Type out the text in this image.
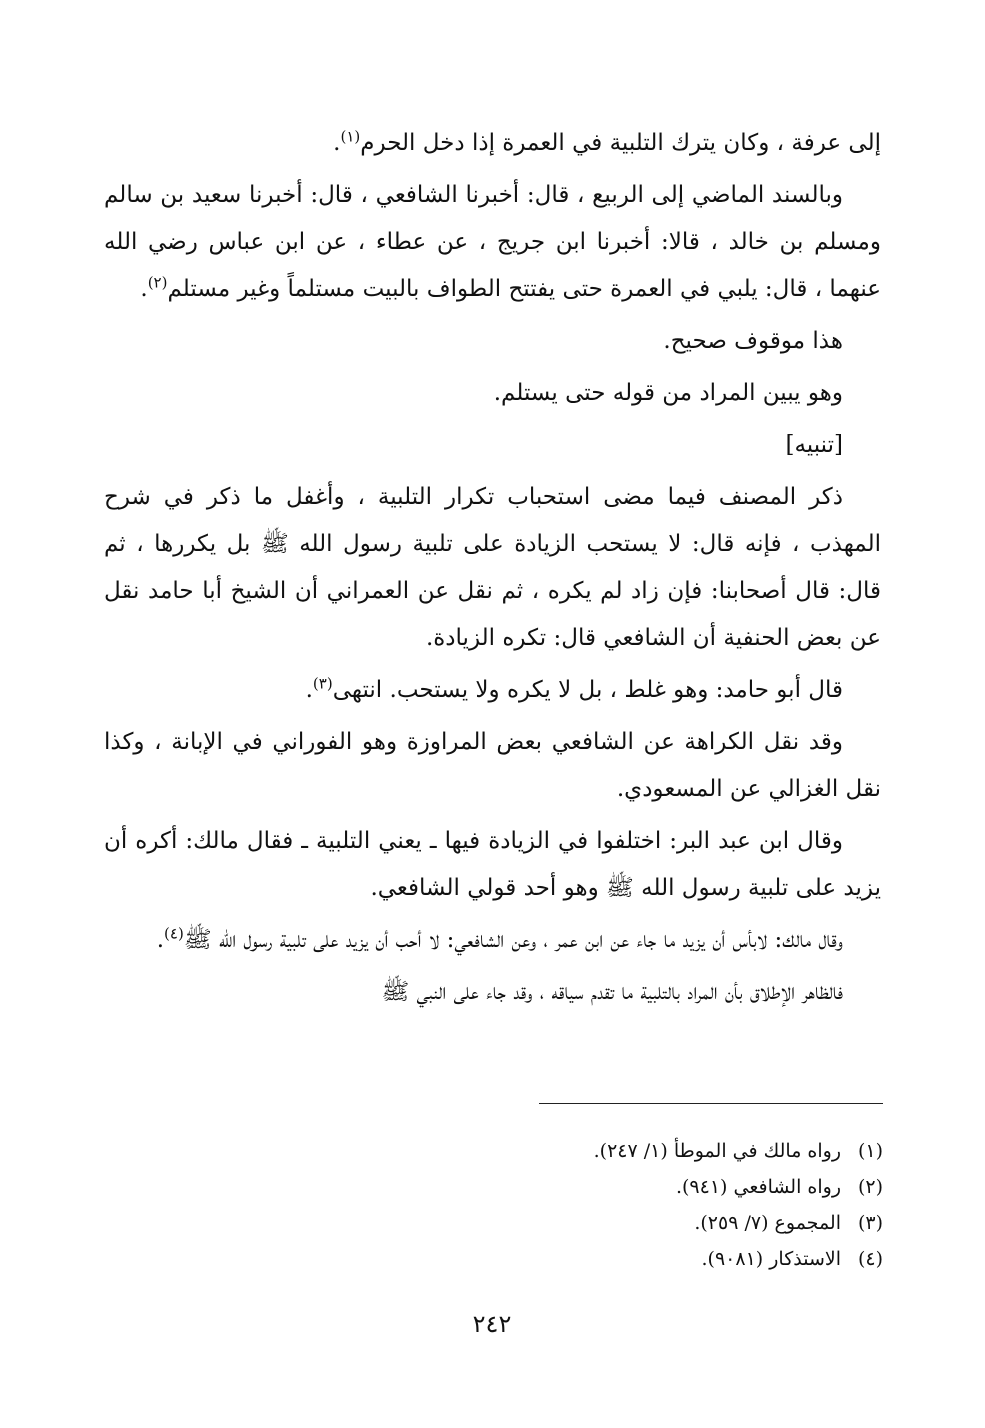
إلى عرفة ، وكان يترك التلبية في العمرة إذا دخل الحرم$^{(١)}$.

وبالسند الماضي إلى الربيع ، قال: أخبرنا الشافعي ، قال: أخبرنا سعيد بن سالم ومسلم بن خالد ، قالا: أخبرنا ابن جريج ، عن عطاء ، عن ابن عباس رضي الله عنهما ، قال: يلبي في العمرة حتى يفتتح الطواف بالبيت مستلماً وغير مستلم$^{(٢)}$.

هذا موقوف صحيح.

وهو يبين المراد من قوله حتى يستلم.

[تنبيه]

ذكر المصنف فيما مضى استحباب تكرار التلبية ، وأغفل ما ذكر في شرح المهذب ، فإنه قال: لا يستحب الزيادة على تلبية رسول الله ﷺ بل يكررها ، ثم قال: قال أصحابنا: فإن زاد لم يكره ، ثم نقل عن العمراني أن الشيخ أبا حامد نقل عن بعض الحنفية أن الشافعي قال: تكره الزيادة.

قال أبو حامد: وهو غلط ، بل لا يكره ولا يستحب. انتهى$^{(٣)}$.

وقد نقل الكراهة عن الشافعي بعض المراوزة وهو الفوراني في الإبانة ، وكذا نقل الغزالي عن المسعودي.

وقال ابن عبد البر: اختلفوا في الزيادة فيها ـ يعني التلبية ـ فقال مالك: أكره أن يزيد على تلبية رسول الله ﷺ وهو أحد قولي الشافعي.

وقال مالك: لابأس أن يزيد ما جاء عن ابن عمر ، وعن الشافعي: لا أحب أن يزيد على تلبية رسول الله ﷺ$^{(٤)}$.

فالظاهر الإطلاق بأن المراد بالتلبية ما تقدم سياقه ، وقد جاء على النبي ﷺ

(١)رواه مالك في الموطأ (١/ ٢٤٧).
(٢)رواه الشافعي (٩٤١).
(٣)المجموع (٧/ ٢٥٩).
(٤)الاستذكار (٩٠٨١).
٢٤٢
